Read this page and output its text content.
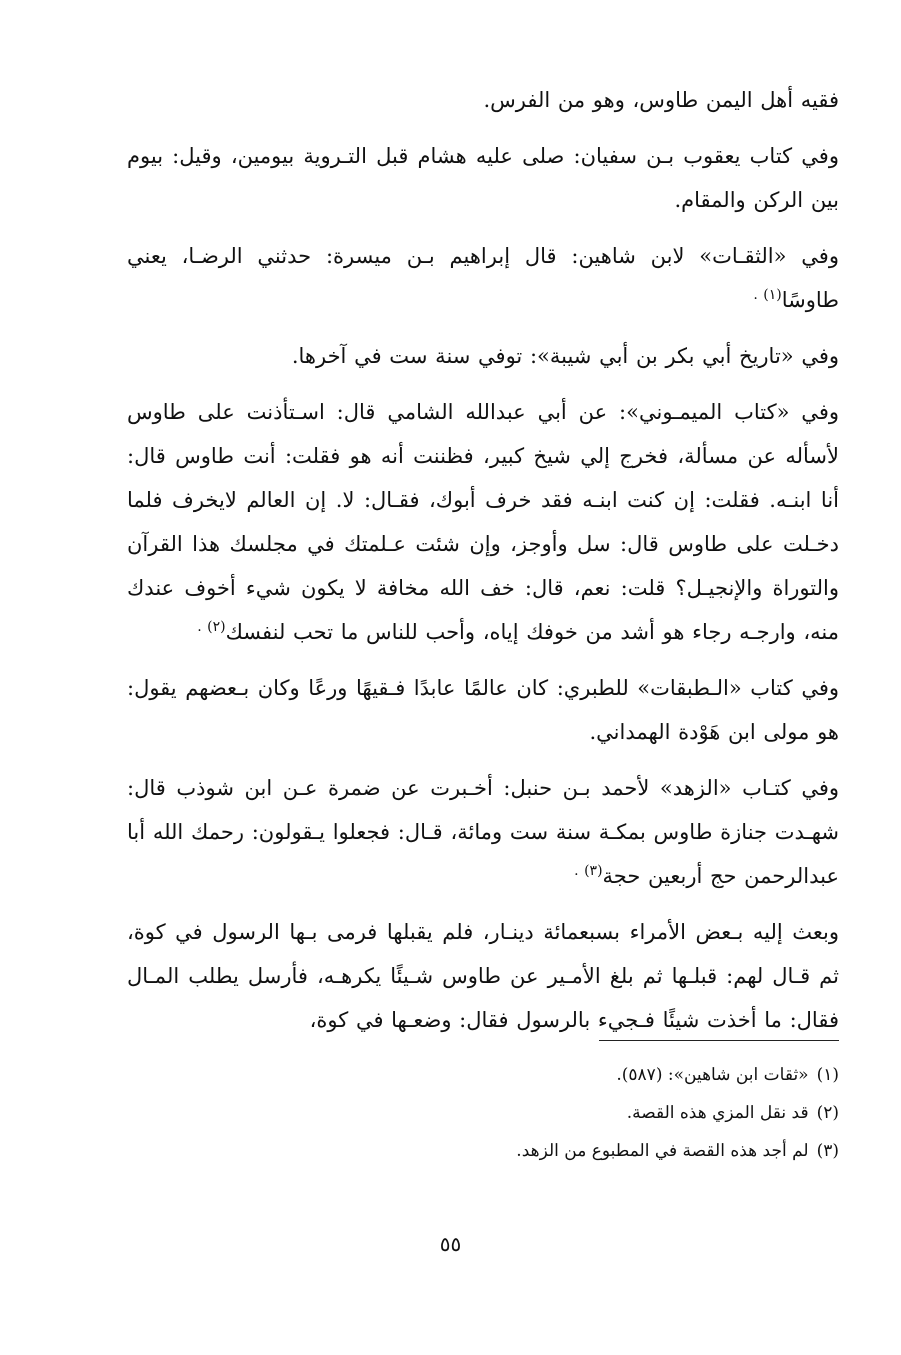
فقيه أهل اليمن طاوس، وهو من الفرس.

وفي كتاب يعقوب بـن سفيان: صلى عليه هشام قبل التـروية بيومين، وقيل: بيوم بين الركن والمقام.

وفي «الثقـات» لابن شاهين: قال إبراهيم بـن ميسرة: حدثني الرضـا، يعني طاوسًا$^{(١) .}$

وفي «تاريخ أبي بكر بن أبي شيبة»: توفي سنة ست في آخرها.

وفي «كتاب الميمـوني»: عن أبي عبدالله الشامي قال: اسـتأذنت على طاوس لأسأله عن مسألة، فخرج إلي شيخ كبير، فظننت أنه هو فقلت: أنت طاوس قال: أنا ابنـه. فقلت: إن كنت ابنـه فقد خرف أبوك، فقـال: لا. إن العالم لايخرف فلما دخـلت على طاوس قال: سل وأوجز، وإن شئت عـلمتك في مجلسك هذا القرآن والتوراة والإنجيـل؟ قلت: نعم، قال: خف الله مخافة لا يكون شيء أخوف عندك منه، وارجـه رجاء هو أشد من خوفك إياه، وأحب للناس ما تحب لنفسك$^{(٢) .}$

وفي كتاب «الـطبقات» للطبري: كان عالمًا عابدًا فـقيهًا ورعًا وكان بـعضهم يقول: هو مولى ابن هَوْدة الهمداني.

وفي كتـاب «الزهد» لأحمد بـن حنبل: أخـبرت عن ضمرة عـن ابن شوذب قال: شهـدت جنازة طاوس بمكـة سنة ست ومائة، قـال: فجعلوا يـقولون: رحمك الله أبا عبدالرحمن حج أربعين حجة$^{(٣) .}$

وبعث إليه بـعض الأمراء بسبعمائة دينـار، فلم يقبلها فرمى بـها الرسول في كوة، ثم قـال لهم: قبلـها ثم بلغ الأمـير عن طاوس شـيئًا يكرهـه، فأرسل يطلب المـال فقال: ما أخذت شيئًا فـجيء بالرسول فقال: وضعـها في كوة،

(١)«ثقات ابن شاهين»: (٥٨٧).

(٢)قد نقل المزي هذه القصة.

(٣)لم أجد هذه القصة في المطبوع من الزهد.

٥٥
